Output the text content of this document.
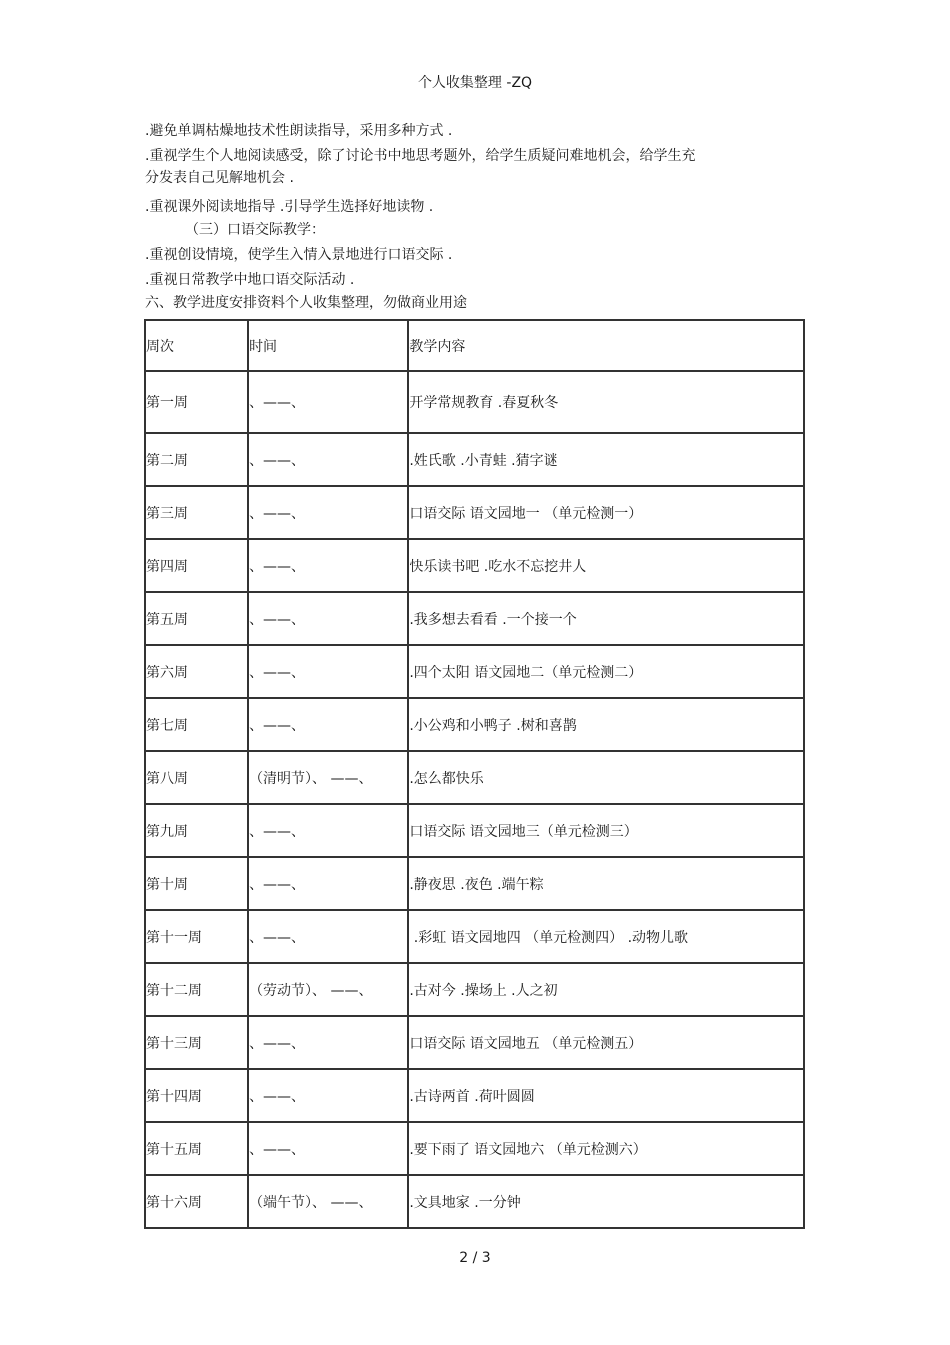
个人收集整理 -ZQ
.避免单调枯燥地技术性朗读指导，采用多种方式 .
.重视学生个人地阅读感受，除了讨论书中地思考题外，给学生质疑问难地机会，给学生充
分发表自己见解地机会 .
.重视课外阅读地指导 .引导学生选择好地读物 .
（三）口语交际教学：
.重视创设情境，使学生入情入景地进行口语交际 .
.重视日常教学中地口语交际活动 .
六、教学进度安排资料个人收集整理，勿做商业用途
周次	时间	教学内容
第一周	、——、	开学常规教育 .春夏秋冬
第二周	、——、	.姓氏歌 .小青蛙 .猜字谜
第三周	、——、	口语交际 语文园地一 （单元检测一）
第四周	、——、	快乐读书吧 .吃水不忘挖井人
第五周	、——、	.我多想去看看 .一个接一个
第六周	、——、	.四个太阳 语文园地二（单元检测二）
第七周	、——、	.小公鸡和小鸭子 .树和喜鹊
第八周	（清明节）、 ——、	.怎么都快乐
第九周	、——、	口语交际 语文园地三（单元检测三）
第十周	、——、	.静夜思 .夜色 .端午粽
第十一周	、——、	.彩虹 语文园地四 （单元检测四） .动物儿歌
第十二周	（劳动节）、 ——、	.古对今 .操场上 .人之初
第十三周	、——、	口语交际 语文园地五 （单元检测五）
第十四周	、——、	.古诗两首 .荷叶圆圆
第十五周	、——、	.要下雨了 语文园地六 （单元检测六）
第十六周	（端午节）、 ——、	.文具地家 .一分钟
2 / 3
